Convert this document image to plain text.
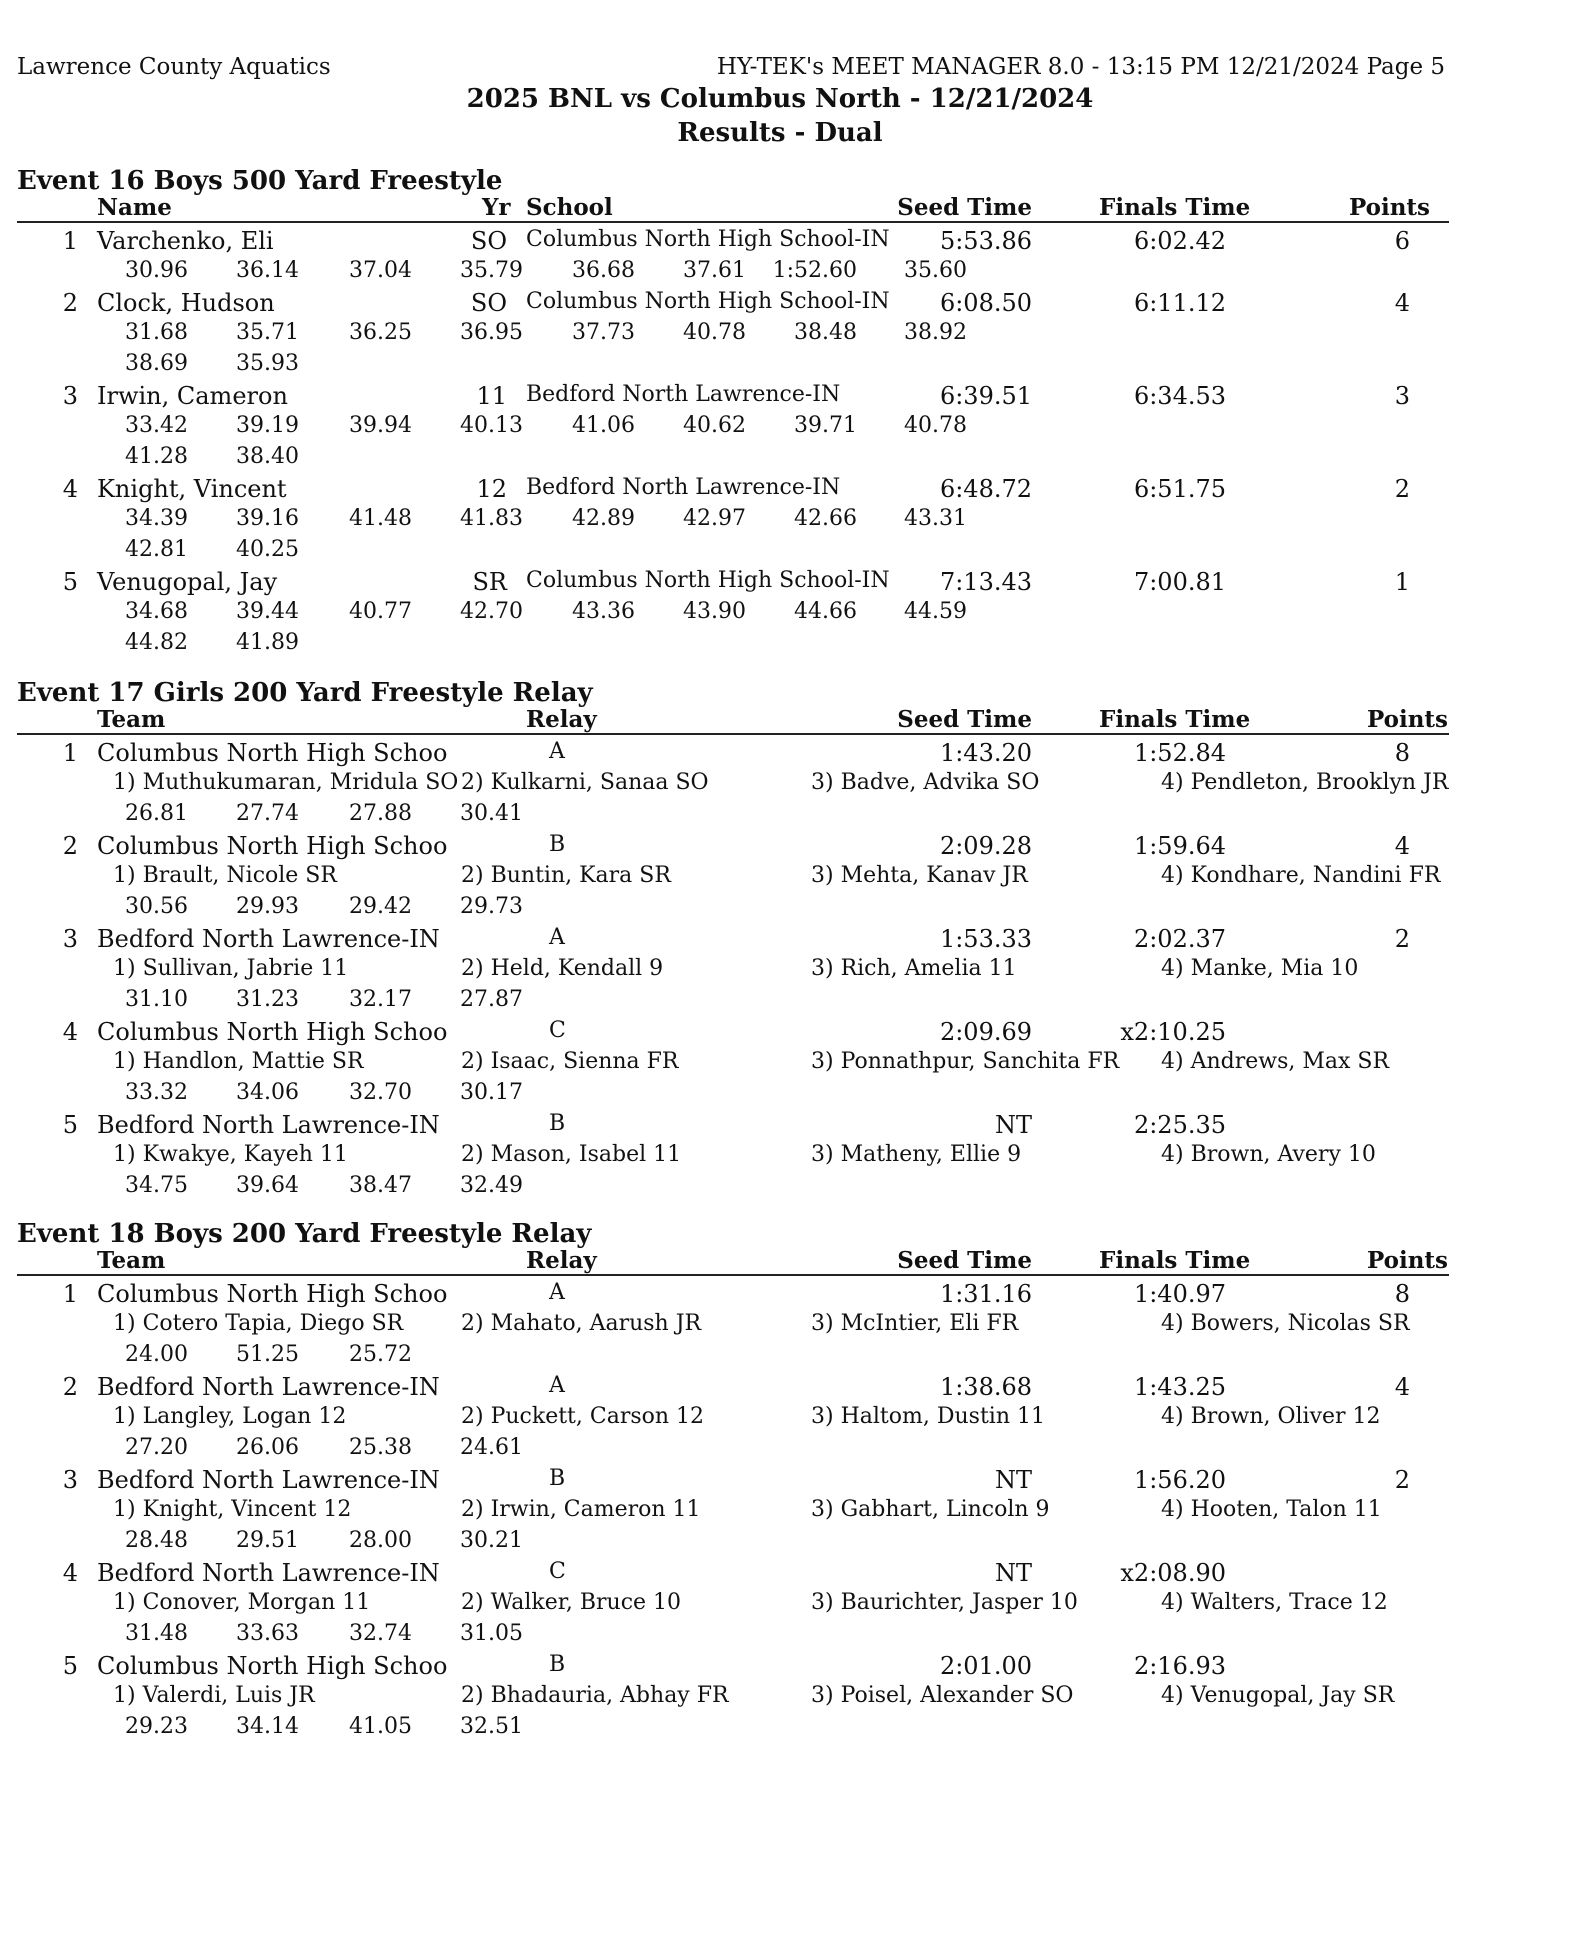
Lawrence County Aquatics	HY-TEK's MEET MANAGER 8.0 - 13:15 PM 12/21/2024 Page 5
2025 BNL vs Columbus North - 12/21/2024
Results - Dual
Event 16 Boys 500 Yard Freestyle
Name	Yr School	Seed Time	Finals Time	Points
1 Varchenko, Eli	SO Columbus North High School-IN	5:53.86	6:02.42	6
30.96	36.14	37.04	35.79	36.68	37.61	1:52.60	35.60
2 Clock, Hudson	SO Columbus North High School-IN	6:08.50	6:11.12	4
31.68	35.71	36.25	36.95	37.73	40.78	38.48	38.92
38.69	35.93
3 Irwin, Cameron	11 Bedford North Lawrence-IN	6:39.51	6:34.53	3
33.42	39.19	39.94	40.13	41.06	40.62	39.71	40.78
41.28	38.40
4 Knight, Vincent	12 Bedford North Lawrence-IN	6:48.72	6:51.75	2
34.39	39.16	41.48	41.83	42.89	42.97	42.66	43.31
42.81	40.25
5 Venugopal, Jay	SR Columbus North High School-IN	7:13.43	7:00.81	1
34.68	39.44	40.77	42.70	43.36	43.90	44.66	44.59
44.82	41.89
Event 17 Girls 200 Yard Freestyle Relay
Team	Relay	Seed Time	Finals Time	Points
1 Columbus North High Schoo	A	1:43.20	1:52.84	8
1) Muthukumaran, Mridula SO 2) Kulkarni, Sanaa SO	3) Badve, Advika SO	4) Pendleton, Brooklyn JR
26.81	27.74	27.88	30.41
2 Columbus North High Schoo	B	2:09.28	1:59.64	4
1) Brault, Nicole SR	2) Buntin, Kara SR	3) Mehta, Kanav JR	4) Kondhare, Nandini FR
30.56	29.93	29.42	29.73
3 Bedford North Lawrence-IN	A	1:53.33	2:02.37	2
1) Sullivan, Jabrie 11	2) Held, Kendall 9	3) Rich, Amelia 11	4) Manke, Mia 10
31.10	31.23	32.17	27.87
4 Columbus North High Schoo	C	2:09.69	x2:10.25
1) Handlon, Mattie SR	2) Isaac, Sienna FR	3) Ponnathpur, Sanchita FR 4) Andrews, Max SR
33.32	34.06	32.70	30.17
5 Bedford North Lawrence-IN	B	NT	2:25.35
1) Kwakye, Kayeh 11	2) Mason, Isabel 11	3) Matheny, Ellie 9	4) Brown, Avery 10
34.75	39.64	38.47	32.49
Event 18 Boys 200 Yard Freestyle Relay
Team	Relay	Seed Time	Finals Time	Points
1 Columbus North High Schoo	A	1:31.16	1:40.97	8
1) Cotero Tapia, Diego SR	2) Mahato, Aarush JR	3) McIntier, Eli FR	4) Bowers, Nicolas SR
24.00	51.25	25.72
2 Bedford North Lawrence-IN	A	1:38.68	1:43.25	4
1) Langley, Logan 12	2) Puckett, Carson 12	3) Haltom, Dustin 11	4) Brown, Oliver 12
27.20	26.06	25.38	24.61
3 Bedford North Lawrence-IN	B	NT	1:56.20	2
1) Knight, Vincent 12	2) Irwin, Cameron 11	3) Gabhart, Lincoln 9	4) Hooten, Talon 11
28.48	29.51	28.00	30.21
4 Bedford North Lawrence-IN	C	NT	x2:08.90
1) Conover, Morgan 11	2) Walker, Bruce 10	3) Baurichter, Jasper 10	4) Walters, Trace 12
31.48	33.63	32.74	31.05
5 Columbus North High Schoo	B	2:01.00	2:16.93
1) Valerdi, Luis JR	2) Bhadauria, Abhay FR	3) Poisel, Alexander SO	4) Venugopal, Jay SR
29.23	34.14	41.05	32.51
